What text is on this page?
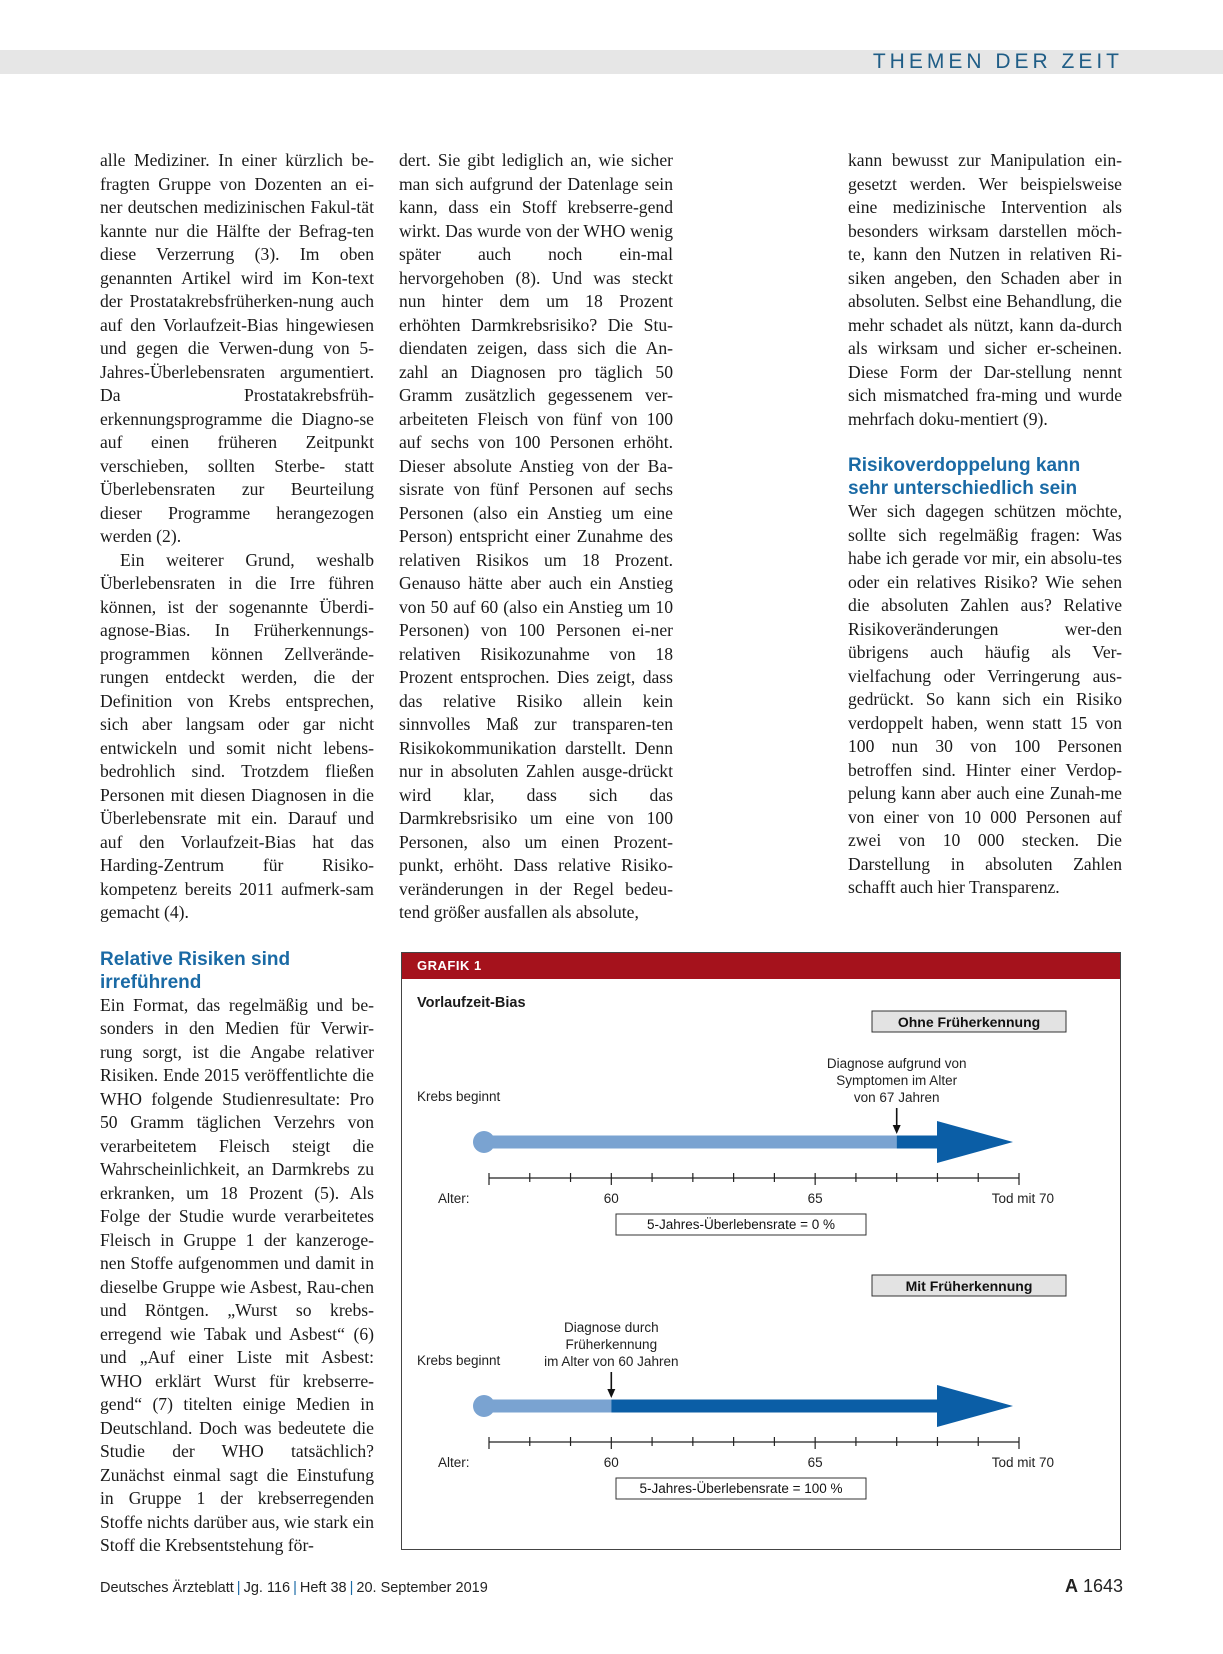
THEMEN DER ZEIT

alle Mediziner. In einer kürzlich be-fragten Gruppe von Dozenten an ei-ner deutschen medizinischen Fakul-tät kannte nur die Hälfte der Befrag-ten diese Verzerrung (3). Im oben genannten Artikel wird im Kon-text der Prostatakrebsfrüherken-nung auch auf den Vorlaufzeit-Bias hingewiesen und gegen die Verwen-dung von 5-Jahres-Überlebensraten argumentiert. Da Prostatakrebsfrüh-erkennungsprogramme die Diagno-se auf einen früheren Zeitpunkt verschieben, sollten Sterbe- statt Überlebensraten zur Beurteilung dieser Programme herangezogen werden (2).

Ein weiterer Grund, weshalb Überlebensraten in die Irre führen können, ist der sogenannte Überdi-agnose-Bias. In Früherkennungs-programmen können Zellverände-rungen entdeckt werden, die der Definition von Krebs entsprechen, sich aber langsam oder gar nicht entwickeln und somit nicht lebens-bedrohlich sind. Trotzdem fließen Personen mit diesen Diagnosen in die Überlebensrate mit ein. Darauf und auf den Vorlaufzeit-Bias hat das Harding-Zentrum für Risiko-kompetenz bereits 2011 aufmerk-sam gemacht (4).

Relative Risiken sind irreführend

Ein Format, das regelmäßig und be-sonders in den Medien für Verwir-rung sorgt, ist die Angabe relativer Risiken. Ende 2015 veröffentlichte die WHO folgende Studienresultate: Pro 50 Gramm täglichen Verzehrs von verarbeitetem Fleisch steigt die Wahrscheinlichkeit, an Darmkrebs zu erkranken, um 18 Prozent (5). Als Folge der Studie wurde verarbeitetes Fleisch in Gruppe 1 der kanzeroge-nen Stoffe aufgenommen und damit in dieselbe Gruppe wie Asbest, Rau-chen und Röntgen. „Wurst so krebs-erregend wie Tabak und Asbest“ (6) und „Auf einer Liste mit Asbest: WHO erklärt Wurst für krebserre-gend“ (7) titelten einige Medien in Deutschland. Doch was bedeutete die Studie der WHO tatsächlich? Zunächst einmal sagt die Einstufung in Gruppe 1 der krebserregenden Stoffe nichts darüber aus, wie stark ein Stoff die Krebsentstehung för-

dert. Sie gibt lediglich an, wie sicher man sich aufgrund der Datenlage sein kann, dass ein Stoff krebserre-gend wirkt. Das wurde von der WHO wenig später auch noch ein-mal hervorgehoben (8). Und was steckt nun hinter dem um 18 Prozent erhöhten Darmkrebsrisiko? Die Stu-diendaten zeigen, dass sich die An-zahl an Diagnosen pro täglich 50 Gramm zusätzlich gegessenem ver-arbeiteten Fleisch von fünf von 100 auf sechs von 100 Personen erhöht. Dieser absolute Anstieg von der Ba-sisrate von fünf Personen auf sechs Personen (also ein Anstieg um eine Person) entspricht einer Zunahme des relativen Risikos um 18 Prozent. Genauso hätte aber auch ein Anstieg von 50 auf 60 (also ein Anstieg um 10 Personen) von 100 Personen ei-ner relativen Risikozunahme von 18 Prozent entsprochen. Dies zeigt, dass das relative Risiko allein kein sinnvolles Maß zur transparen-ten Risikokommunikation darstellt. Denn nur in absoluten Zahlen ausge-drückt wird klar, dass sich das Darmkrebsrisiko um eine von 100 Personen, also um einen Prozent-punkt, erhöht. Dass relative Risiko-veränderungen in der Regel bedeu-tend größer ausfallen als absolute,

kann bewusst zur Manipulation ein-gesetzt werden. Wer beispielsweise eine medizinische Intervention als besonders wirksam darstellen möch-te, kann den Nutzen in relativen Ri-siken angeben, den Schaden aber in absoluten. Selbst eine Behandlung, die mehr schadet als nützt, kann da-durch als wirksam und sicher er-scheinen. Diese Form der Dar-stellung nennt sich mismatched fra-ming und wurde mehrfach doku-mentiert (9).

Risikoverdoppelung kann sehr unterschiedlich sein

Wer sich dagegen schützen möchte, sollte sich regelmäßig fragen: Was habe ich gerade vor mir, ein absolu-tes oder ein relatives Risiko? Wie sehen die absoluten Zahlen aus? Relative Risikoveränderungen wer-den übrigens auch häufig als Ver-vielfachung oder Verringerung aus-gedrückt. So kann sich ein Risiko verdoppelt haben, wenn statt 15 von 100 nun 30 von 100 Personen betroffen sind. Hinter einer Verdop-pelung kann aber auch eine Zunah-me von einer von 10 000 Personen auf zwei von 10 000 stecken. Die Darstellung in absoluten Zahlen schafft auch hier Transparenz.

GRAFIK 1
Vorlaufzeit-Bias
Ohne Früherkennung
Diagnose aufgrund von
Symptomen im Alter
von 67 Jahren
Krebs beginnt
Alter:	60	65	Tod mit 70
5-Jahres-Überlebensrate = 0 %
Mit Früherkennung
Diagnose durch
Früherkennung
im Alter von 60 Jahren
Krebs beginnt
Alter:	60	65	Tod mit 70
5-Jahres-Überlebensrate = 100 %
Deutsches Ärzteblatt | Jg. 116 | Heft 38 | 20. September 2019	A 1643
